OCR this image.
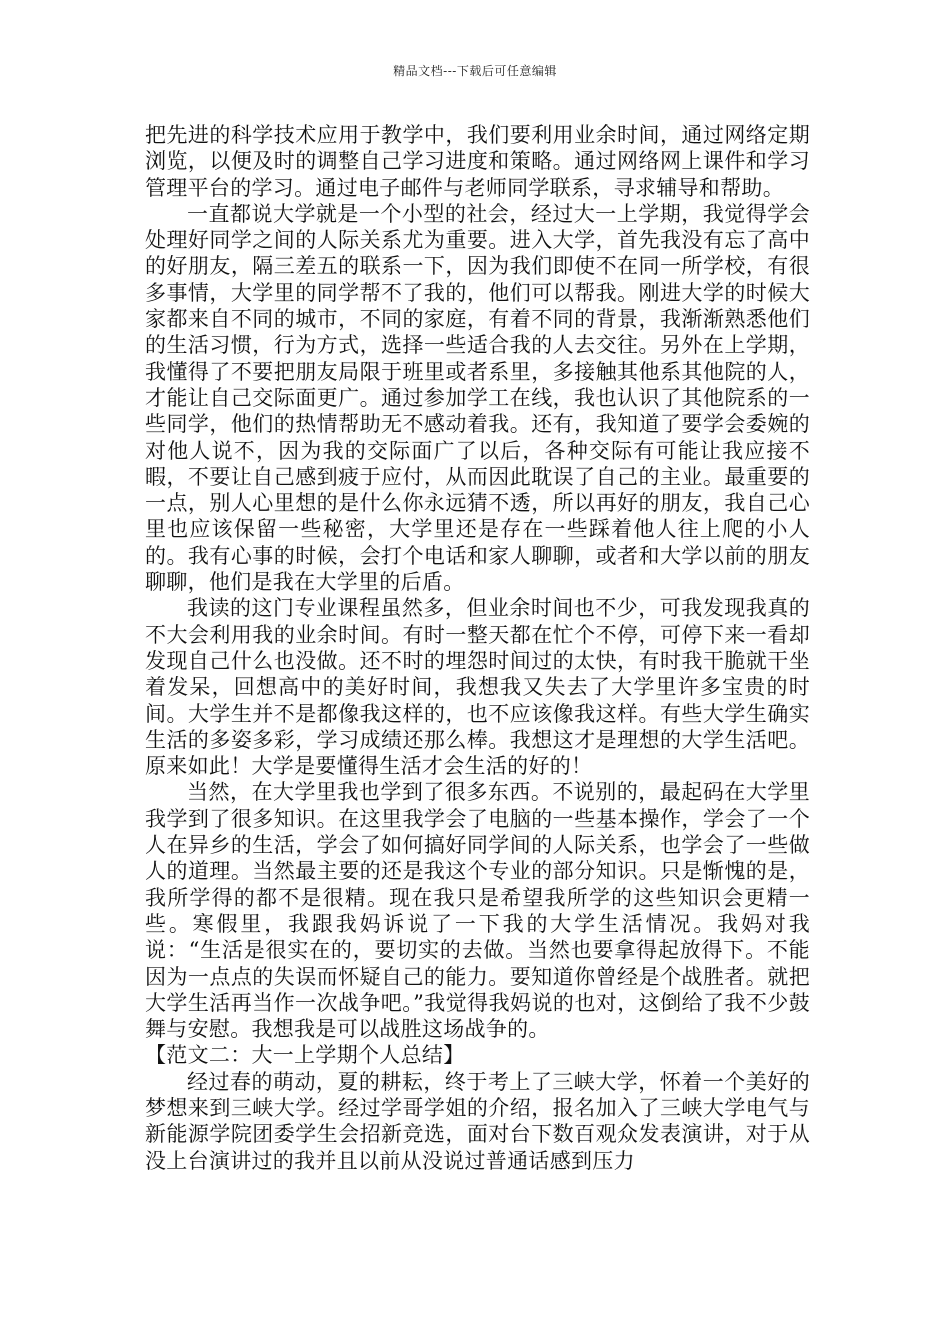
精品文档---下载后可任意编辑

把先进的科学技术应用于教学中，我们要利用业余时间，通过网络定期浏览，以便及时的调整自己学习进度和策略。通过网络网上课件和学习管理平台的学习。通过电子邮件与老师同学联系，寻求辅导和帮助。

一直都说大学就是一个小型的社会，经过大一上学期，我觉得学会处理好同学之间的人际关系尤为重要。进入大学，首先我没有忘了高中的好朋友，隔三差五的联系一下，因为我们即使不在同一所学校，有很多事情，大学里的同学帮不了我的，他们可以帮我。刚进大学的时候大家都来自不同的城市，不同的家庭，有着不同的背景，我渐渐熟悉他们的生活习惯，行为方式，选择一些适合我的人去交往。另外在上学期，我懂得了不要把朋友局限于班里或者系里，多接触其他系其他院的人，才能让自己交际面更广。通过参加学工在线，我也认识了其他院系的一些同学，他们的热情帮助无不感动着我。还有，我知道了要学会委婉的对他人说不，因为我的交际面广了以后，各种交际有可能让我应接不暇，不要让自己感到疲于应付，从而因此耽误了自己的主业。最重要的一点，别人心里想的是什么你永远猜不透，所以再好的朋友，我自己心里也应该保留一些秘密，大学里还是存在一些踩着他人往上爬的小人的。我有心事的时候，会打个电话和家人聊聊，或者和大学以前的朋友聊聊，他们是我在大学里的后盾。

我读的这门专业课程虽然多，但业余时间也不少，可我发现我真的不大会利用我的业余时间。有时一整天都在忙个不停，可停下来一看却发现自己什么也没做。还不时的埋怨时间过的太快，有时我干脆就干坐着发呆，回想高中的美好时间，我想我又失去了大学里许多宝贵的时间。大学生并不是都像我这样的，也不应该像我这样。有些大学生确实生活的多姿多彩，学习成绩还那么棒。我想这才是理想的大学生活吧。原来如此！大学是要懂得生活才会生活的好的！

当然，在大学里我也学到了很多东西。不说别的，最起码在大学里我学到了很多知识。在这里我学会了电脑的一些基本操作，学会了一个人在异乡的生活，学会了如何搞好同学间的人际关系，也学会了一些做人的道理。当然最主要的还是我这个专业的部分知识。只是惭愧的是，我所学得的都不是很精。现在我只是希望我所学的这些知识会更精一些。寒假里，我跟我妈诉说了一下我的大学生活情况。我妈对我说：“生活是很实在的，要切实的去做。当然也要拿得起放得下。不能因为一点点的失误而怀疑自己的能力。要知道你曾经是个战胜者。就把大学生活再当作一次战争吧。”我觉得我妈说的也对，这倒给了我不少鼓舞与安慰。我想我是可以战胜这场战争的。

【范文二：大一上学期个人总结】

经过春的萌动，夏的耕耘，终于考上了三峡大学，怀着一个美好的梦想来到三峡大学。经过学哥学姐的介绍，报名加入了三峡大学电气与新能源学院团委学生会招新竞选，面对台下数百观众发表演讲，对于从没上台演讲过的我并且以前从没说过普通话感到压力
